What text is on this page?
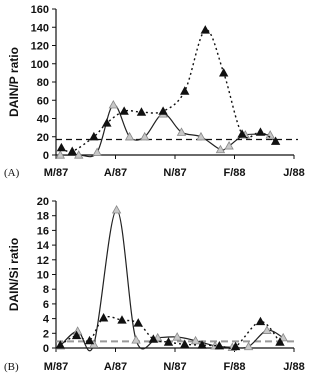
0
20
40
60
80
100
120
140
160
M/87	A/87	N/87	F/88	J/88
DAIN/P ratio
(A)
0
2
4
6
8
10
12
14
16
18
20
M/87	A/87	N/87	F/88	J/88
DAIN/Si ratio
(B)
